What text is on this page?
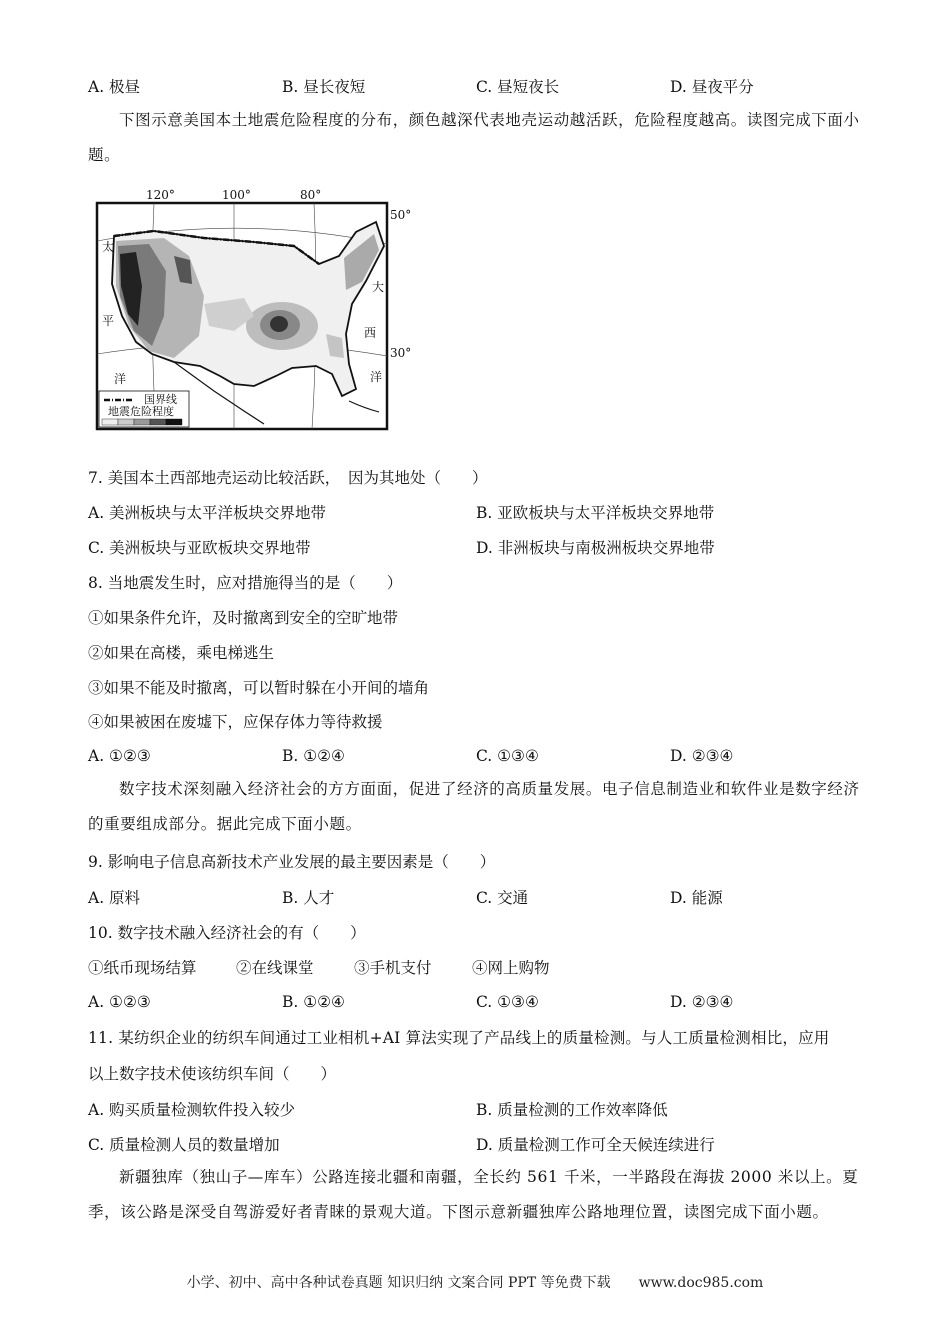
A. 极昼	B. 昼长夜短	C. 昼短夜长	D. 昼夜平分
下图示意美国本土地震危险程度的分布，颜色越深代表地壳运动越活跃，危险程度越高。读图完成下面小题。
120°	100°	80°
50°
30°
太
平
洋
大
西
洋
国界线
地震危险程度
7. 美国本土西部地壳运动比较活跃，　因为其地处（　　）
A. 美洲板块与太平洋板块交界地带	B. 亚欧板块与太平洋板块交界地带
C. 美洲板块与亚欧板块交界地带	D. 非洲板块与南极洲板块交界地带
8. 当地震发生时，应对措施得当的是（　　）
①如果条件允许，及时撤离到安全的空旷地带
②如果在高楼，乘电梯逃生
③如果不能及时撤离，可以暂时躲在小开间的墙角
④如果被困在废墟下，应保存体力等待救援
A. ①②③	B. ①②④	C. ①③④	D. ②③④
数字技术深刻融入经济社会的方方面面，促进了经济的高质量发展。电子信息制造业和软件业是数字经济的重要组成部分。据此完成下面小题。
9. 影响电子信息高新技术产业发展的最主要因素是（　　）
A. 原料	B. 人才	C. 交通	D. 能源
10. 数字技术融入经济社会的有（　　）
①纸币现场结算	②在线课堂	③手机支付	④网上购物
A. ①②③	B. ①②④	C. ①③④	D. ②③④
11. 某纺织企业的纺织车间通过工业相机+AI 算法实现了产品线上的质量检测。与人工质量检测相比，应用
以上数字技术使该纺织车间（　　）
A. 购买质量检测软件投入较少	B. 质量检测的工作效率降低
C. 质量检测人员的数量增加	D. 质量检测工作可全天候连续进行
新疆独库（独山子—库车）公路连接北疆和南疆，全长约 561 千米，一半路段在海拔 2000 米以上。夏季，该公路是深受自驾游爱好者青睐的景观大道。下图示意新疆独库公路地理位置，读图完成下面小题。
小学、初中、高中各种试卷真题 知识归纳 文案合同 PPT 等免费下载　　www.doc985.com
